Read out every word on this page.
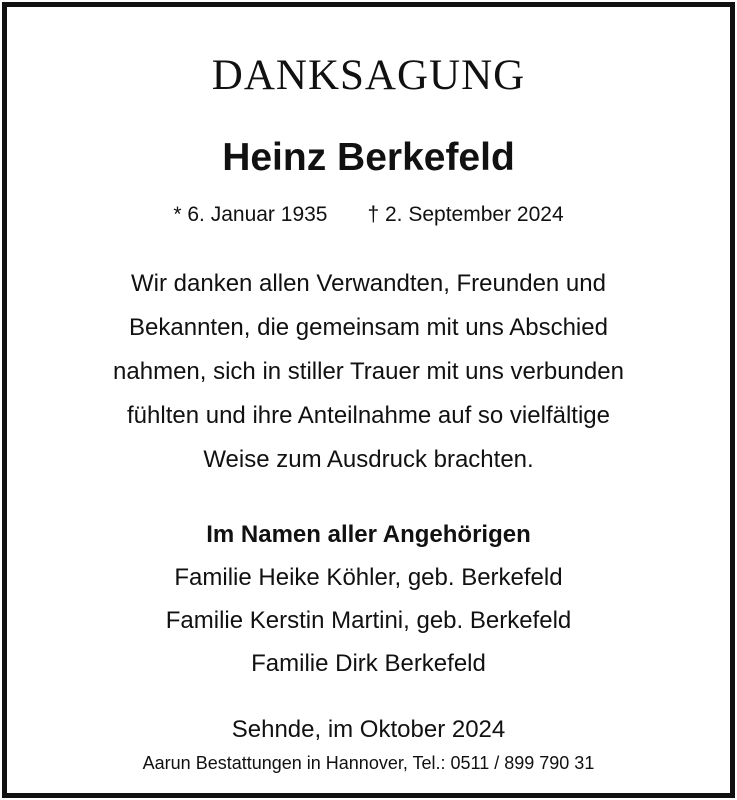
DANKSAGUNG
Heinz Berkefeld
* 6. Januar 1935 † 2. September 2024
Wir danken allen Verwandten, Freunden und
Bekannten, die gemeinsam mit uns Abschied
nahmen, sich in stiller Trauer mit uns verbunden
fühlten und ihre Anteilnahme auf so vielfältige
Weise zum Ausdruck brachten.
Im Namen aller Angehörigen
Familie Heike Köhler, geb. Berkefeld
Familie Kerstin Martini, geb. Berkefeld
Familie Dirk Berkefeld
Sehnde, im Oktober 2024
Aarun Bestattungen in Hannover, Tel.: 0511 / 899 790 31
